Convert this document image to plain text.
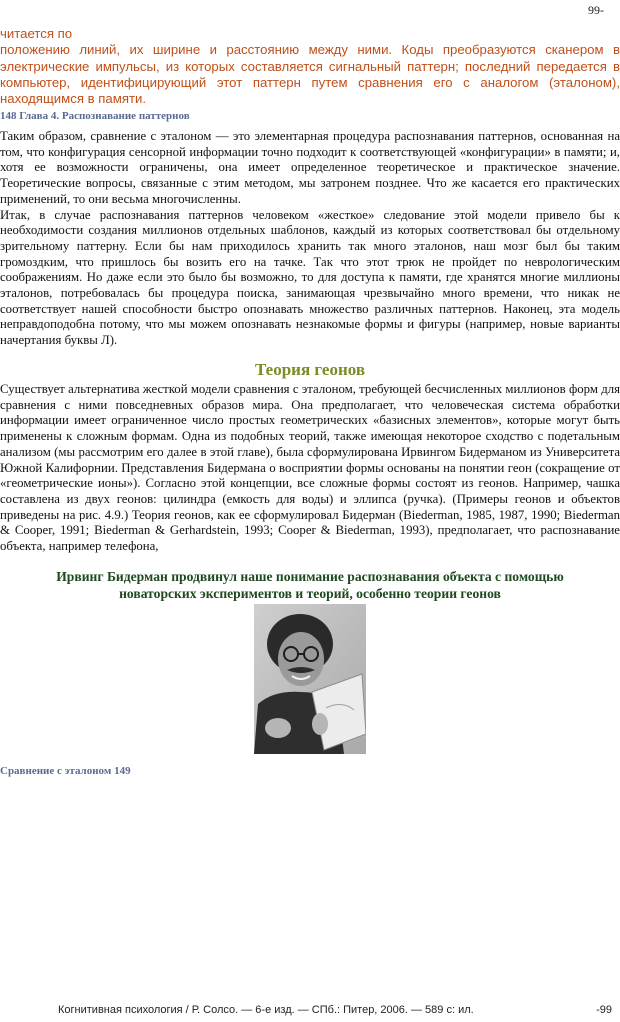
99-

читается по

положению линий, их ширине и расстоянию между ними. Коды преобразуются сканером в электрические импульсы, из которых составляется сигнальный паттерн; последний передается в компьютер, идентифицирующий этот паттерн путем сравнения его с аналогом (эталоном), находящимся в памяти.

148 Глава 4. Распознавание паттернов

Таким образом, сравнение с эталоном — это элементарная процедура распознавания паттернов, основанная на том, что конфигурация сенсорной информации точно подходит к соответствующей «конфигурации» в памяти; и, хотя ее возможности ограничены, она имеет определенное теоретическое и практическое значение. Теоретические вопросы, связанные с этим методом, мы затронем позднее. Что же касается его практических применений, то они весьма многочисленны.

Итак, в случае распознавания паттернов человеком «жесткое» следование этой модели привело бы к необходимости создания миллионов отдельных шаблонов, каждый из которых соответствовал бы отдельному зрительному паттерну. Если бы нам приходилось хранить так много эталонов, наш мозг был бы таким громоздким, что пришлось бы возить его на тачке. Так что этот трюк не пройдет по неврологическим соображениям. Но даже если это было бы возможно, то для доступа к памяти, где хранятся многие миллионы эталонов, потребовалась бы процедура поиска, занимающая чрезвычайно много времени, что никак не соответствует нашей способности быстро опознавать множество различных паттернов. Наконец, эта модель неправдоподобна потому, что мы можем опознавать незнакомые формы и фигуры (например, новые варианты начертания буквы Л).

Теория геонов

Существует альтернатива жесткой модели сравнения с эталоном, требующей бесчисленных миллионов форм для сравнения с ними повседневных образов мира. Она предполагает, что человеческая система обработки информации имеет ограниченное число простых геометрических «базисных элементов», которые могут быть применены к сложным формам. Одна из подобных теорий, также имеющая некоторое сходство с подетальным анализом (мы рассмотрим его далее в этой главе), была сформулирована Ирвингом Бидерманом из Университета Южной Калифорнии. Представления Бидермана о восприятии формы основаны на понятии геон (сокращение от «геометрические ионы»). Согласно этой концепции, все сложные формы состоят из геонов. Например, чашка составлена из двух геонов: цилиндра (емкость для воды) и эллипса (ручка). (Примеры геонов и объектов приведены на рис. 4.9.) Теория геонов, как ее сформулировал Бидерман (Biederman, 1985, 1987, 1990; Biederman & Cooper, 1991; Biederman & Gerhardstein, 1993; Cooper & Biederman, 1993), предполагает, что распознавание объекта, например телефона,

Ирвинг Бидерман продвинул наше понимание распознавания объекта с помощью
новаторских экспериментов и теорий, особенно теории геонов
Сравнение с эталоном 149
Когнитивная психология / Р. Солсо. — 6-е изд. — СПб.: Питер, 2006. — 589 с: ил.	-99
